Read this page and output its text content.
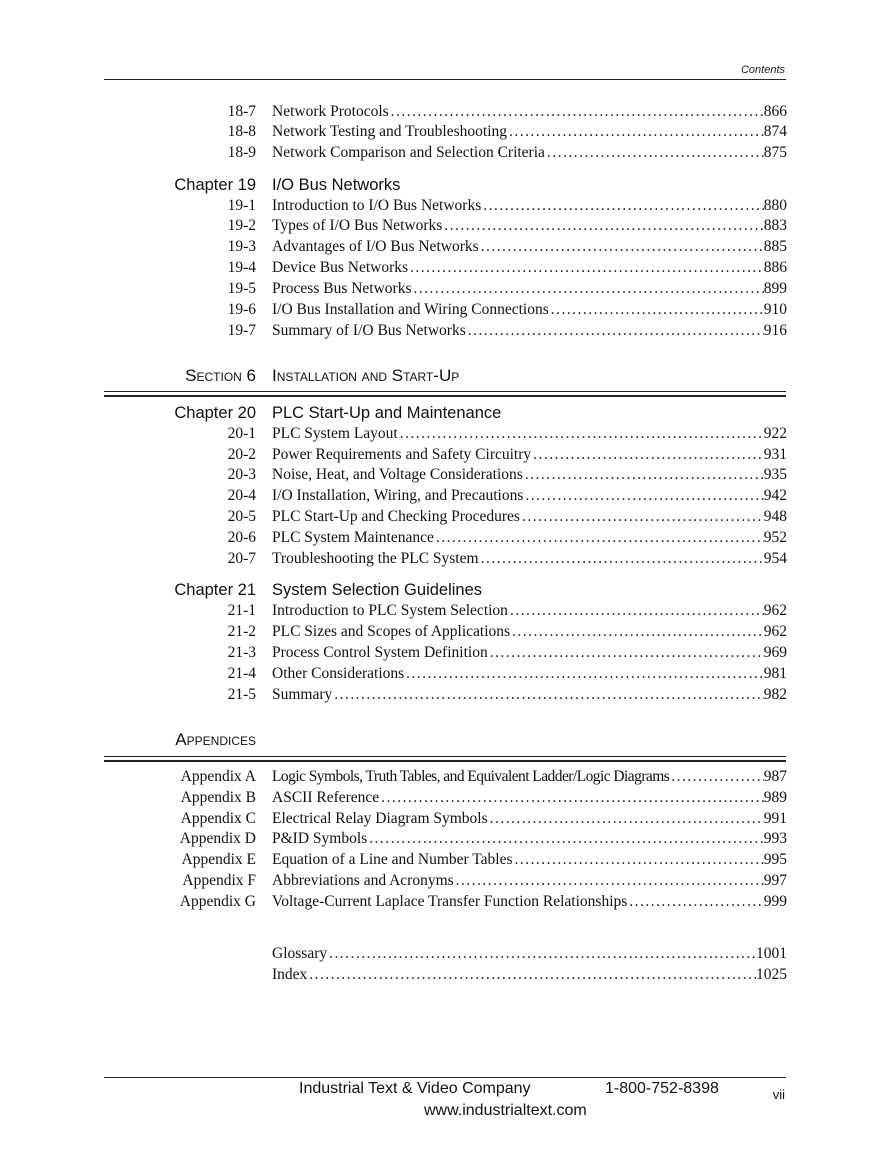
Contents
18-7 Network Protocols . . .	866
18-8 Network Testing and Troubleshooting . . .	874
18-9 Network Comparison and Selection Criteria . . .	875
Chapter 19 I/O Bus Networks
19-1 Introduction to I/O Bus Networks . . .	880
19-2 Types of I/O Bus Networks . . .	883
19-3 Advantages of I/O Bus Networks . . .	885
19-4 Device Bus Networks . . .	886
19-5 Process Bus Networks . . .	899
19-6 I/O Bus Installation and Wiring Connections . . .	910
19-7 Summary of I/O Bus Networks . . .	916
Section 6 Installation and Start-Up
Chapter 20 PLC Start-Up and Maintenance
20-1 PLC System Layout . . .	922
20-2 Power Requirements and Safety Circuitry . . .	931
20-3 Noise, Heat, and Voltage Considerations . . .	935
20-4 I/O Installation, Wiring, and Precautions . . .	942
20-5 PLC Start-Up and Checking Procedures . . .	948
20-6 PLC System Maintenance . . .	952
20-7 Troubleshooting the PLC System . . .	954
Chapter 21 System Selection Guidelines
21-1 Introduction to PLC System Selection . . .	962
21-2 PLC Sizes and Scopes of Applications . . .	962
21-3 Process Control System Definition . . .	969
21-4 Other Considerations . . .	981
21-5 Summary . . .	982
Appendices
Appendix A Logic Symbols, Truth Tables, and Equivalent Ladder/Logic Diagrams . . .	987
Appendix B ASCII Reference . . .	989
Appendix C Electrical Relay Diagram Symbols . . .	991
Appendix D P&ID Symbols . . .	993
Appendix E Equation of a Line and Number Tables . . .	995
Appendix F Abbreviations and Acronyms . . .	997
Appendix G Voltage-Current Laplace Transfer Function Relationships . . .	999
Glossary . . .	1001
Index . . .	1025
Industrial Text & Video Company	1-800-752-8398
www.industrialtext.com
vii
